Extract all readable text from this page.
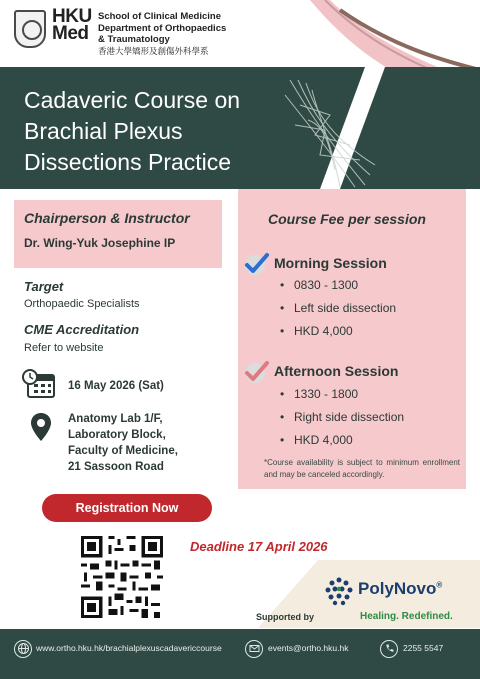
HKU
Med
School of Clinical Medicine
Department of Orthopaedics
& Traumatology
香港大學矯形及創傷外科學系
Cadaveric Course on
Brachial Plexus
Dissections Practice
Chairperson & Instructor
Dr. Wing-Yuk Josephine IP
Target
Orthopaedic Specialists
CME Accreditation
Refer to website
16 May 2026 (Sat)
Anatomy Lab 1/F,
Laboratory Block,
Faculty of Medicine,
21 Sassoon Road
Course Fee per session
Morning Session
• 0830 - 1300
• Left side dissection
• HKD 4,000
Afternoon Session
• 1330 - 1800
• Right side dissection
• HKD 4,000
*Course availability is subject to minimum enrollment and may be canceled accordingly.
Registration Now
Deadline 17 April 2026
Supported by
PolyNovo®
Healing. Redefined.
www.ortho.hku.hk/brachialplexuscadavericcourse	events@ortho.hku.hk	2255 5547
